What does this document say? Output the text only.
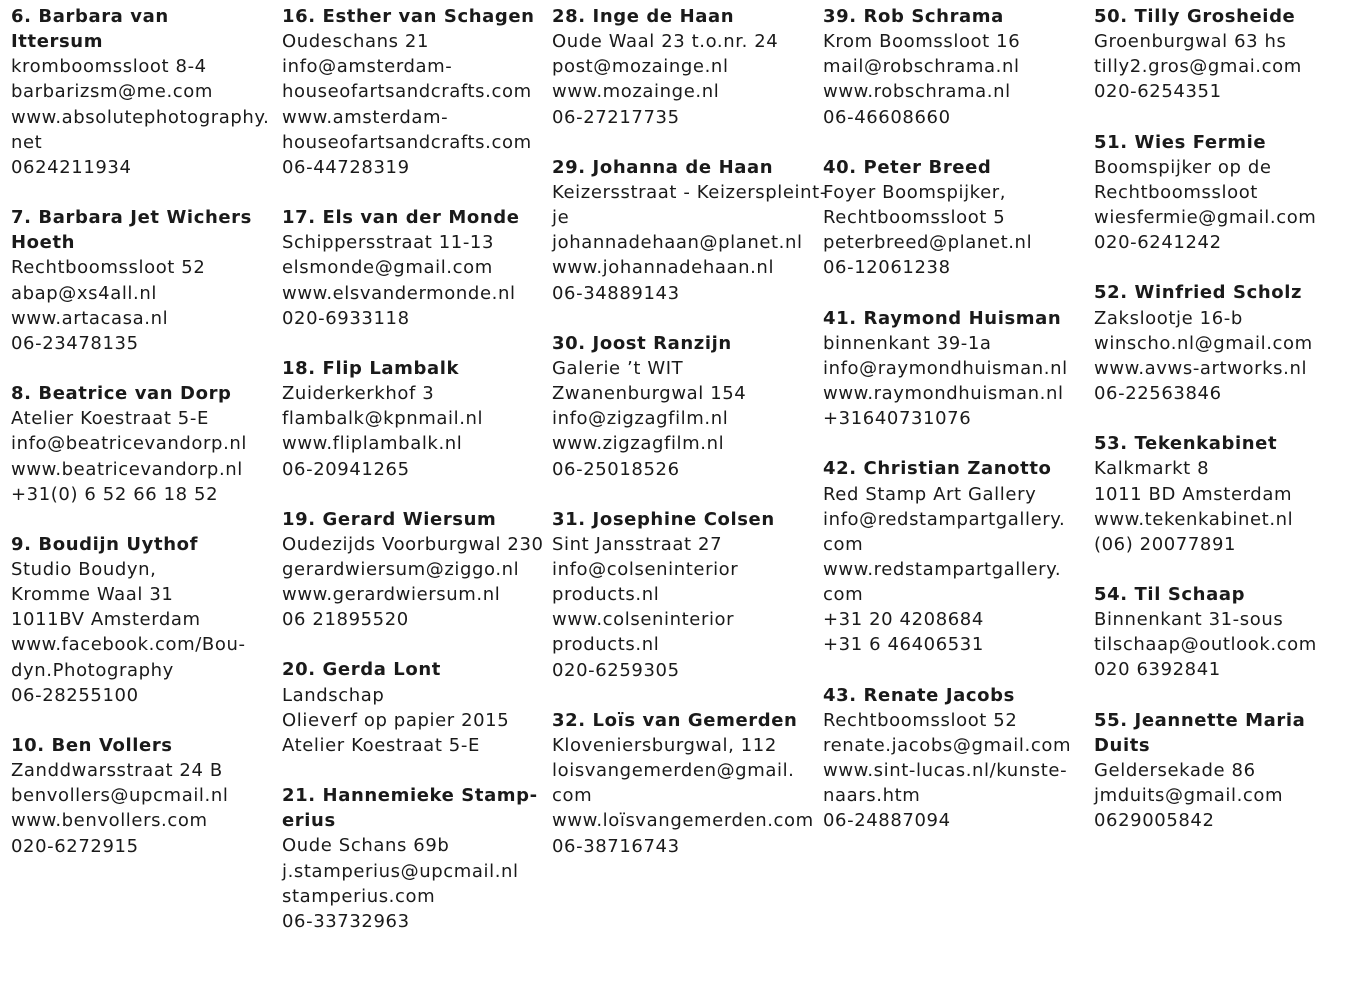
6. Barbara van
Ittersum
kromboomssloot 8-4
barbarizsm@me.com
www.absolutephotography.
net
0624211934
7. Barbara Jet Wichers
Hoeth
Rechtboomssloot 52
abap@xs4all.nl
www.artacasa.nl
06-23478135
8. Beatrice van Dorp
Atelier Koestraat 5-E
info@beatricevandorp.nl
www.beatricevandorp.nl
+31(0) 6 52 66 18 52
9. Boudijn Uythof
Studio Boudyn,
Kromme Waal 31
1011BV Amsterdam
www.facebook.com/Bou-
dyn.Photography
06-28255100
10. Ben Vollers
Zanddwarsstraat 24 B
benvollers@upcmail.nl
www.benvollers.com
020-6272915
16. Esther van Schagen
Oudeschans 21
info@amsterdam-
houseofartsandcrafts.com
www.amsterdam-
houseofartsandcrafts.com
06-44728319
17. Els van der Monde
Schippersstraat 11-13
elsmonde@gmail.com
www.elsvandermonde.nl
020-6933118
18. Flip Lambalk
Zuiderkerkhof 3
flambalk@kpnmail.nl
www.fliplambalk.nl
06-20941265
19. Gerard Wiersum
Oudezijds Voorburgwal 230
gerardwiersum@ziggo.nl
www.gerardwiersum.nl
06 21895520
20. Gerda Lont
Landschap
Olieverf op papier 2015
Atelier Koestraat 5-E
21. Hannemieke Stamp-
erius
Oude Schans 69b
j.stamperius@upcmail.nl
stamperius.com
06-33732963
28. Inge de Haan
Oude Waal 23 t.o.nr. 24
post@mozainge.nl
www.mozainge.nl
06-27217735
29. Johanna de Haan
Keizersstraat - Keizerspleint-
je
johannadehaan@planet.nl
www.johannadehaan.nl
06-34889143
30. Joost Ranzijn
Galerie ’t WIT
Zwanenburgwal 154
info@zigzagfilm.nl
www.zigzagfilm.nl
06-25018526
31. Josephine Colsen
Sint Jansstraat 27
info@colseninterior
products.nl
www.colseninterior
products.nl
020-6259305
32. Loïs van Gemerden
Kloveniersburgwal, 112
loisvangemerden@gmail.
com
www.loïsvangemerden.com
06-38716743
39. Rob Schrama
Krom Boomssloot 16
mail@robschrama.nl
www.robschrama.nl
06-46608660
40. Peter Breed
Foyer Boomspijker,
Rechtboomssloot 5
peterbreed@planet.nl
06-12061238
41. Raymond Huisman
binnenkant 39-1a
info@raymondhuisman.nl
www.raymondhuisman.nl
+31640731076
42. Christian Zanotto
Red Stamp Art Gallery
info@redstampartgallery.
com
www.redstampartgallery.
com
+31 20 4208684
+31 6 46406531
43. Renate Jacobs
Rechtboomssloot 52
renate.jacobs@gmail.com
www.sint-lucas.nl/kunste-
naars.htm
06-24887094
50. Tilly Grosheide
Groenburgwal 63 hs
tilly2.gros@gmai.com
020-6254351
51. Wies Fermie
Boomspijker op de
Rechtboomssloot
wiesfermie@gmail.com
020-6241242
52. Winfried Scholz
Zakslootje 16-b
winscho.nl@gmail.com
www.avws-artworks.nl
06-22563846
53. Tekenkabinet
Kalkmarkt 8
1011 BD Amsterdam
www.tekenkabinet.nl
(06) 20077891
54. Til Schaap
Binnenkant 31-sous
tilschaap@outlook.com
020 6392841
55. Jeannette Maria
Duits
Geldersekade 86
jmduits@gmail.com
0629005842
